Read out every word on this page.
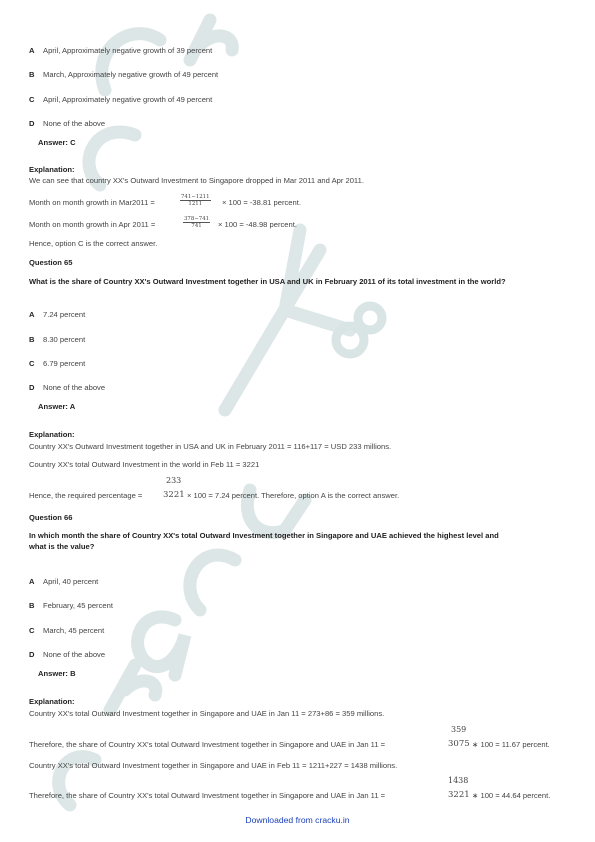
A April, Approximately negative growth of 39 percent
B March, Approximately negative growth of 49 percent
C April, Approximately negative growth of 49 percent
D None of the above
Answer: C
Explanation:
We can see that country XX's Outward Investment to Singapore dropped in Mar 2011 and Apr 2011.
Month on month growth in Mar2011 =	$\frac{741-1211}{1211} \times 100 = -38.81$ percent.
Month on month growth in Apr 2011 =	$\frac{378-741}{741} \times 100 = -48.98$ percent.
Hence, option C is the correct answer.
Question 65
What is the share of Country XX's Outward Investment together in USA and UK in February 2011 of its total investment in the world?
A 7.24 percent
B 8.30 percent
C 6.79 percent
D None of the above
Answer: A
Explanation:
Country XX's Outward Investment together in USA and UK in February 2011 = 116+117 = USD 233 millions.
Country XX's total Outward Investment in the world in Feb 11 = 3221
233
Hence, the required percentage = 3221 × 100 = 7.24 percent. Therefore, option A is the correct answer.
Question 66
In which month the share of Country XX's total Outward Investment together in Singapore and UAE achieved the highest level and
what is the value?
A April, 40 percent
B February, 45 percent
C March, 45 percent
D None of the above
Answer: B
Explanation:
Country XX's total Outward Investment together in Singapore and UAE in Jan 11 = 273+86 = 359 millions.
359
Therefore, the share of Country XX's total Outward Investment together in Singapore and UAE in Jan 11 =	3075 ∗ 100 = 11.67 percent.
Country XX's total Outward Investment together in Singapore and UAE in Feb 11 = 1211+227 = 1438 millions.
1438
Therefore, the share of Country XX's total Outward Investment together in Singapore and UAE in Jan 11 =	3221 ∗ 100 = 44.64 percent.
Downloaded from cracku.in
